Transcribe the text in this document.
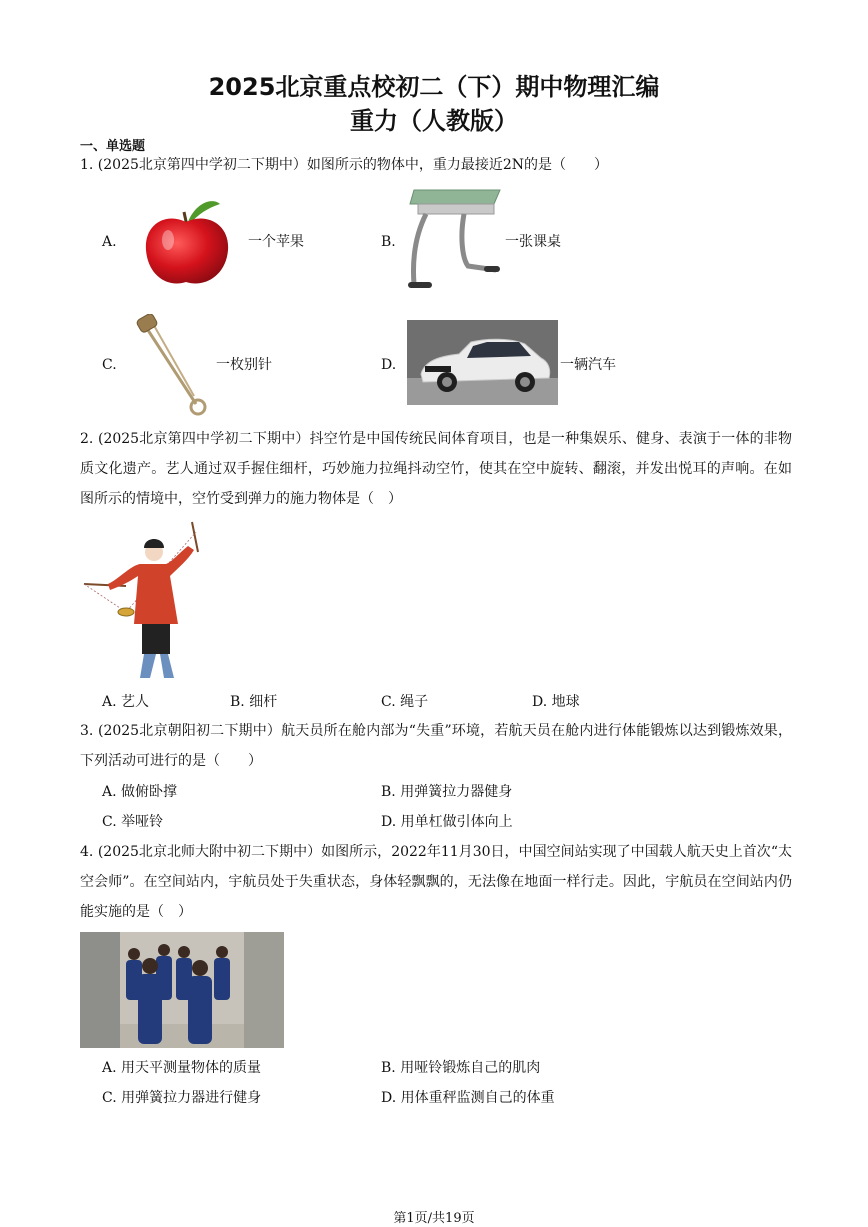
2025北京重点校初二（下）期中物理汇编
重力（人教版）
一、单选题
1. (2025北京第四中学初二下期中）如图所示的物体中，重力最接近2N的是（　　）
A.	一个苹果	B.	一张课桌
C.	一枚别针	D.	一辆汽车
2. (2025北京第四中学初二下期中）抖空竹是中国传统民间体育项目，也是一种集娱乐、健身、表演于一体的非物质文化遗产。艺人通过双手握住细杆，巧妙施力拉绳抖动空竹，使其在空中旋转、翻滚，并发出悦耳的声响。在如图所示的情境中，空竹受到弹力的施力物体是（　）
A. 艺人	B. 细杆	C. 绳子	D. 地球
3. (2025北京朝阳初二下期中）航天员所在舱内部为“失重”环境，若航天员在舱内进行体能锻炼以达到锻炼效果，下列活动可进行的是（　　）
A. 做俯卧撑	B. 用弹簧拉力器健身
C. 举哑铃	D. 用单杠做引体向上
4. (2025北京北师大附中初二下期中）如图所示，2022年11月30日，中国空间站实现了中国载人航天史上首次“太空会师”。在空间站内，宇航员处于失重状态，身体轻飘飘的，无法像在地面一样行走。因此，宇航员在空间站内仍能实施的是（　）
A. 用天平测量物体的质量	B. 用哑铃锻炼自己的肌肉
C. 用弹簧拉力器进行健身	D. 用体重秤监测自己的体重
第1页/共19页
